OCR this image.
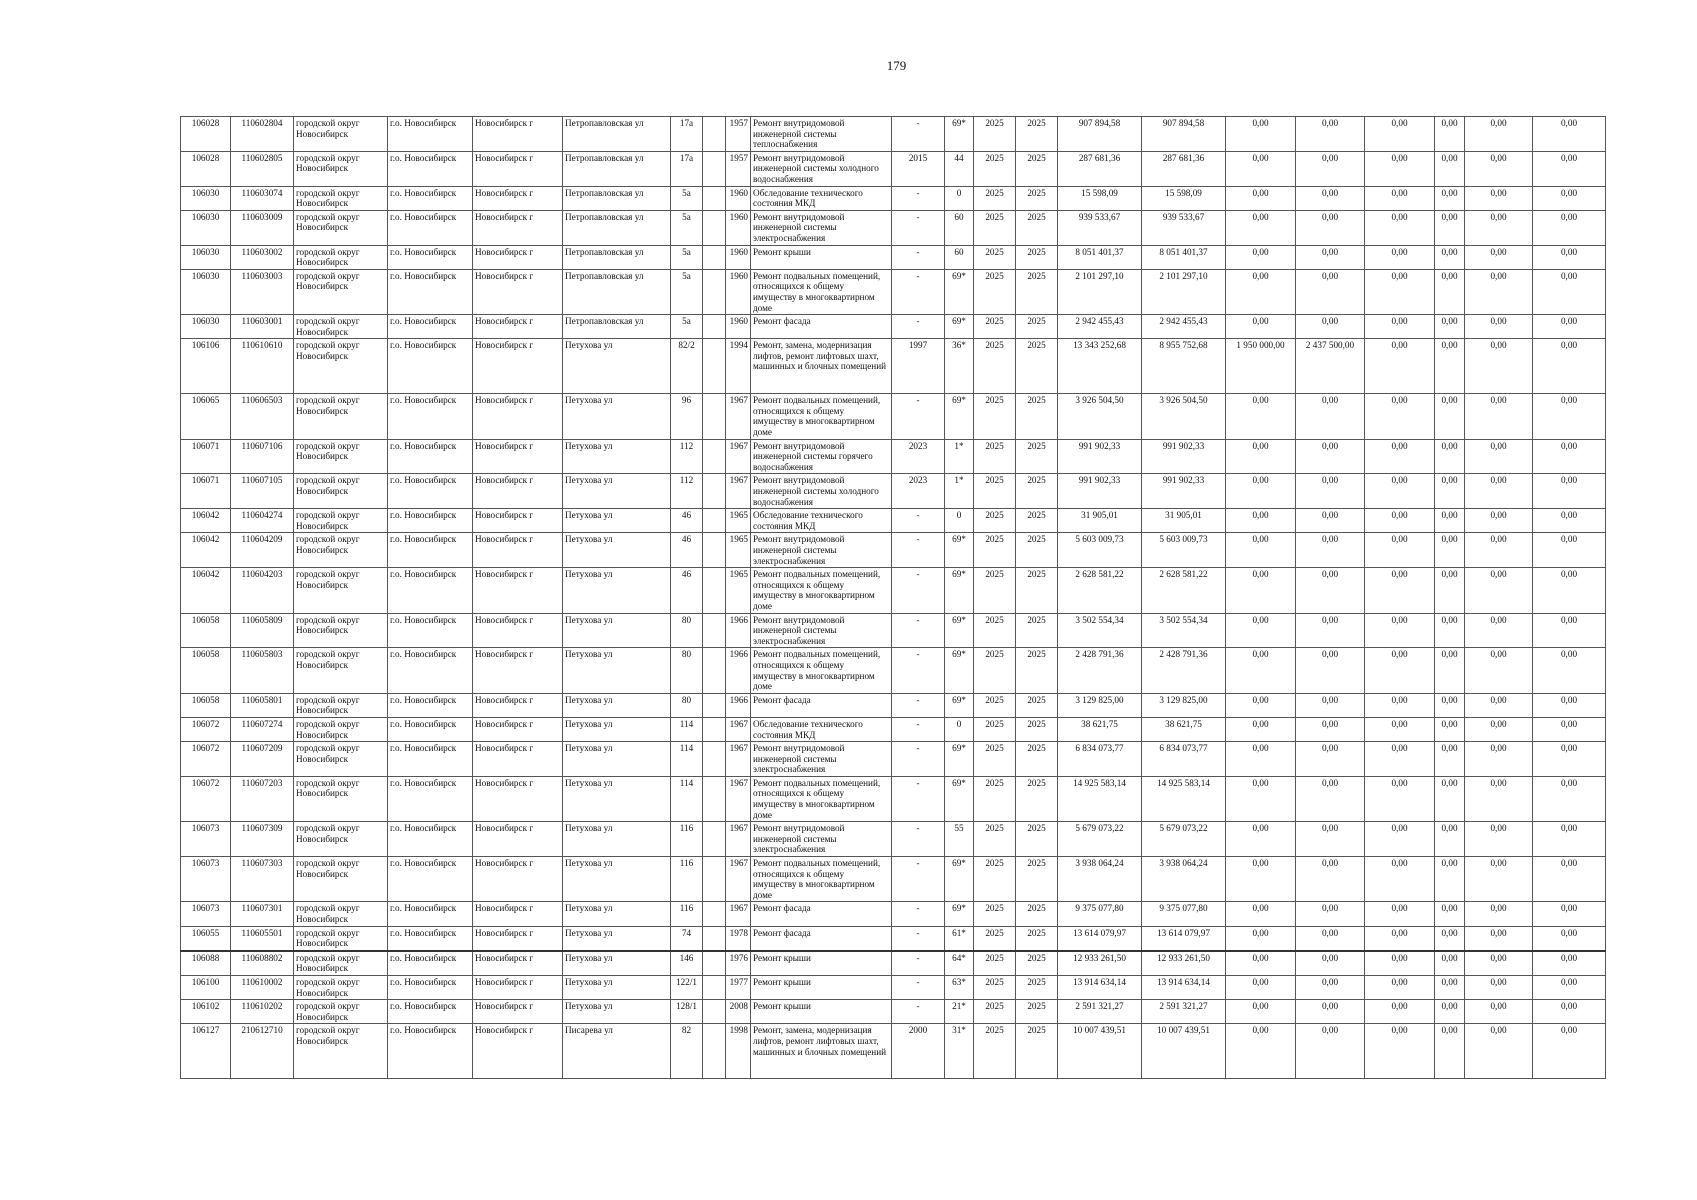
179
106028	110602804	городской округ Новосибирск	г.о. Новосибирск	Новосибирск г	Петропавловская ул	17а		1957	Ремонт внутридомовой инженерной системы теплоснабжения	-	69*	2025	2025	907 894,58	907 894,58	0,00	0,00	0,00	0,00	0,00	0,00
106028	110602805	городской округ Новосибирск	г.о. Новосибирск	Новосибирск г	Петропавловская ул	17а		1957	Ремонт внутридомовой инженерной системы холодного водоснабжения	2015	44	2025	2025	287 681,36	287 681,36	0,00	0,00	0,00	0,00	0,00	0,00
106030	110603074	городской округ Новосибирск	г.о. Новосибирск	Новосибирск г	Петропавловская ул	5а		1960	Обследование технического состояния МКД	-	0	2025	2025	15 598,09	15 598,09	0,00	0,00	0,00	0,00	0,00	0,00
106030	110603009	городской округ Новосибирск	г.о. Новосибирск	Новосибирск г	Петропавловская ул	5а		1960	Ремонт внутридомовой инженерной системы электроснабжения	-	60	2025	2025	939 533,67	939 533,67	0,00	0,00	0,00	0,00	0,00	0,00
106030	110603002	городской округ Новосибирск	г.о. Новосибирск	Новосибирск г	Петропавловская ул	5а		1960	Ремонт крыши	-	60	2025	2025	8 051 401,37	8 051 401,37	0,00	0,00	0,00	0,00	0,00	0,00
106030	110603003	городской округ Новосибирск	г.о. Новосибирск	Новосибирск г	Петропавловская ул	5а		1960	Ремонт подвальных помещений, относящихся к общему имуществу в многоквартирном доме	-	69*	2025	2025	2 101 297,10	2 101 297,10	0,00	0,00	0,00	0,00	0,00	0,00
106030	110603001	городской округ Новосибирск	г.о. Новосибирск	Новосибирск г	Петропавловская ул	5а		1960	Ремонт фасада	-	69*	2025	2025	2 942 455,43	2 942 455,43	0,00	0,00	0,00	0,00	0,00	0,00
106106	110610610	городской округ Новосибирск	г.о. Новосибирск	Новосибирск г	Петухова ул	82/2		1994	Ремонт, замена, модернизация лифтов, ремонт лифтовых шахт, машинных и блочных помещений	1997	36*	2025	2025	13 343 252,68	8 955 752,68	1 950 000,00	2 437 500,00	0,00	0,00	0,00	0,00
106065	110606503	городской округ Новосибирск	г.о. Новосибирск	Новосибирск г	Петухова ул	96		1967	Ремонт подвальных помещений, относящихся к общему имуществу в многоквартирном доме	-	69*	2025	2025	3 926 504,50	3 926 504,50	0,00	0,00	0,00	0,00	0,00	0,00
106071	110607106	городской округ Новосибирск	г.о. Новосибирск	Новосибирск г	Петухова ул	112		1967	Ремонт внутридомовой инженерной системы горячего водоснабжения	2023	1*	2025	2025	991 902,33	991 902,33	0,00	0,00	0,00	0,00	0,00	0,00
106071	110607105	городской округ Новосибирск	г.о. Новосибирск	Новосибирск г	Петухова ул	112		1967	Ремонт внутридомовой инженерной системы холодного водоснабжения	2023	1*	2025	2025	991 902,33	991 902,33	0,00	0,00	0,00	0,00	0,00	0,00
106042	110604274	городской округ Новосибирск	г.о. Новосибирск	Новосибирск г	Петухова ул	46		1965	Обследование технического состояния МКД	-	0	2025	2025	31 905,01	31 905,01	0,00	0,00	0,00	0,00	0,00	0,00
106042	110604209	городской округ Новосибирск	г.о. Новосибирск	Новосибирск г	Петухова ул	46		1965	Ремонт внутридомовой инженерной системы электроснабжения	-	69*	2025	2025	5 603 009,73	5 603 009,73	0,00	0,00	0,00	0,00	0,00	0,00
106042	110604203	городской округ Новосибирск	г.о. Новосибирск	Новосибирск г	Петухова ул	46		1965	Ремонт подвальных помещений, относящихся к общему имуществу в многоквартирном доме	-	69*	2025	2025	2 628 581,22	2 628 581,22	0,00	0,00	0,00	0,00	0,00	0,00
106058	110605809	городской округ Новосибирск	г.о. Новосибирск	Новосибирск г	Петухова ул	80		1966	Ремонт внутридомовой инженерной системы электроснабжения	-	69*	2025	2025	3 502 554,34	3 502 554,34	0,00	0,00	0,00	0,00	0,00	0,00
106058	110605803	городской округ Новосибирск	г.о. Новосибирск	Новосибирск г	Петухова ул	80		1966	Ремонт подвальных помещений, относящихся к общему имуществу в многоквартирном доме	-	69*	2025	2025	2 428 791,36	2 428 791,36	0,00	0,00	0,00	0,00	0,00	0,00
106058	110605801	городской округ Новосибирск	г.о. Новосибирск	Новосибирск г	Петухова ул	80		1966	Ремонт фасада	-	69*	2025	2025	3 129 825,00	3 129 825,00	0,00	0,00	0,00	0,00	0,00	0,00
106072	110607274	городской округ Новосибирск	г.о. Новосибирск	Новосибирск г	Петухова ул	114		1967	Обследование технического состояния МКД	-	0	2025	2025	38 621,75	38 621,75	0,00	0,00	0,00	0,00	0,00	0,00
106072	110607209	городской округ Новосибирск	г.о. Новосибирск	Новосибирск г	Петухова ул	114		1967	Ремонт внутридомовой инженерной системы электроснабжения	-	69*	2025	2025	6 834 073,77	6 834 073,77	0,00	0,00	0,00	0,00	0,00	0,00
106072	110607203	городской округ Новосибирск	г.о. Новосибирск	Новосибирск г	Петухова ул	114		1967	Ремонт подвальных помещений, относящихся к общему имуществу в многоквартирном доме	-	69*	2025	2025	14 925 583,14	14 925 583,14	0,00	0,00	0,00	0,00	0,00	0,00
106073	110607309	городской округ Новосибирск	г.о. Новосибирск	Новосибирск г	Петухова ул	116		1967	Ремонт внутридомовой инженерной системы электроснабжения	-	55	2025	2025	5 679 073,22	5 679 073,22	0,00	0,00	0,00	0,00	0,00	0,00
106073	110607303	городской округ Новосибирск	г.о. Новосибирск	Новосибирск г	Петухова ул	116		1967	Ремонт подвальных помещений, относящихся к общему имуществу в многоквартирном доме	-	69*	2025	2025	3 938 064,24	3 938 064,24	0,00	0,00	0,00	0,00	0,00	0,00
106073	110607301	городской округ Новосибирск	г.о. Новосибирск	Новосибирск г	Петухова ул	116		1967	Ремонт фасада	-	69*	2025	2025	9 375 077,80	9 375 077,80	0,00	0,00	0,00	0,00	0,00	0,00
106055	110605501	городской округ Новосибирск	г.о. Новосибирск	Новосибирск г	Петухова ул	74		1978	Ремонт фасада	-	61*	2025	2025	13 614 079,97	13 614 079,97	0,00	0,00	0,00	0,00	0,00	0,00
106088	110608802	городской округ Новосибирск	г.о. Новосибирск	Новосибирск г	Петухова ул	146		1976	Ремонт крыши	-	64*	2025	2025	12 933 261,50	12 933 261,50	0,00	0,00	0,00	0,00	0,00	0,00
106100	110610002	городской округ Новосибирск	г.о. Новосибирск	Новосибирск г	Петухова ул	122/1		1977	Ремонт крыши	-	63*	2025	2025	13 914 634,14	13 914 634,14	0,00	0,00	0,00	0,00	0,00	0,00
106102	110610202	городской округ Новосибирск	г.о. Новосибирск	Новосибирск г	Петухова ул	128/1		2008	Ремонт крыши	-	21*	2025	2025	2 591 321,27	2 591 321,27	0,00	0,00	0,00	0,00	0,00	0,00
106127	210612710	городской округ Новосибирск	г.о. Новосибирск	Новосибирск г	Писарева ул	82		1998	Ремонт, замена, модернизация лифтов, ремонт лифтовых шахт, машинных и блочных помещений	2000	31*	2025	2025	10 007 439,51	10 007 439,51	0,00	0,00	0,00	0,00	0,00	0,00
